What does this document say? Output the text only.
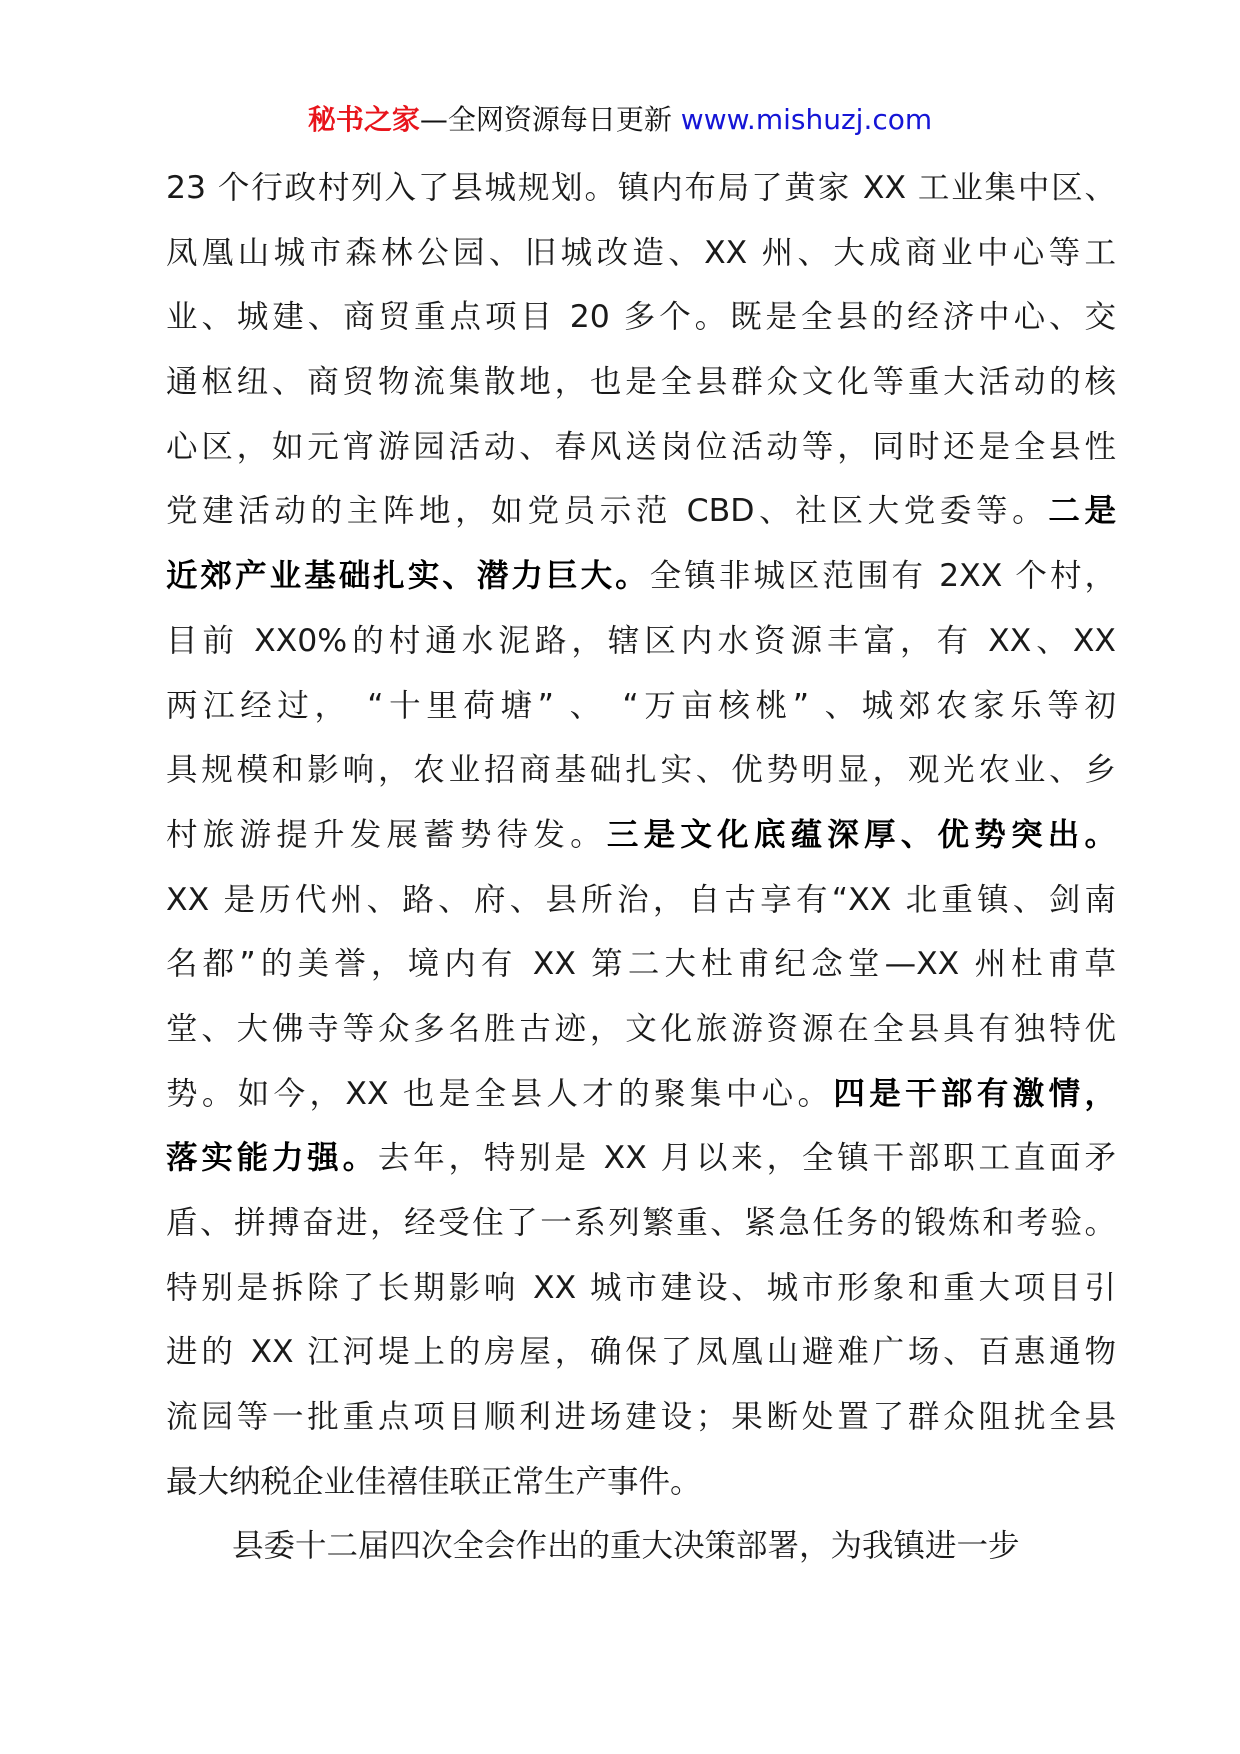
秘书之家—全网资源每日更新 www.mishuzj.com
23 个行政村列入了县城规划。镇内布局了黄家 XX 工业集中区、
凤凰山城市森林公园、旧城改造、XX 州、大成商业中心等工
业、城建、商贸重点项目 20 多个。既是全县的经济中心、交
通枢纽、商贸物流集散地，也是全县群众文化等重大活动的核
心区，如元宵游园活动、春风送岗位活动等，同时还是全县性
党建活动的主阵地，如党员示范 CBD、社区大党委等。二是
近郊产业基础扎实、潜力巨大。全镇非城区范围有 2XX 个村，
目前 XX0%的村通水泥路，辖区内水资源丰富，有 XX、XX
两江经过， “十里荷塘” 、 “万亩核桃” 、城郊农家乐等初
具规模和影响，农业招商基础扎实、优势明显，观光农业、乡
村旅游提升发展蓄势待发。三是文化底蕴深厚、优势突出。
XX 是历代州、路、府、县所治，自古享有“XX 北重镇、剑南
名都”的美誉，境内有 XX 第二大杜甫纪念堂—XX 州杜甫草
堂、大佛寺等众多名胜古迹，文化旅游资源在全县具有独特优
势。如今，XX 也是全县人才的聚集中心。四是干部有激情，
落实能力强。去年，特别是 XX 月以来，全镇干部职工直面矛
盾、拼搏奋进，经受住了一系列繁重、紧急任务的锻炼和考验。
特别是拆除了长期影响 XX 城市建设、城市形象和重大项目引
进的 XX 江河堤上的房屋，确保了凤凰山避难广场、百惠通物
流园等一批重点项目顺利进场建设；果断处置了群众阻扰全县
最大纳税企业佳禧佳联正常生产事件。
县委十二届四次全会作出的重大决策部署，为我镇进一步
